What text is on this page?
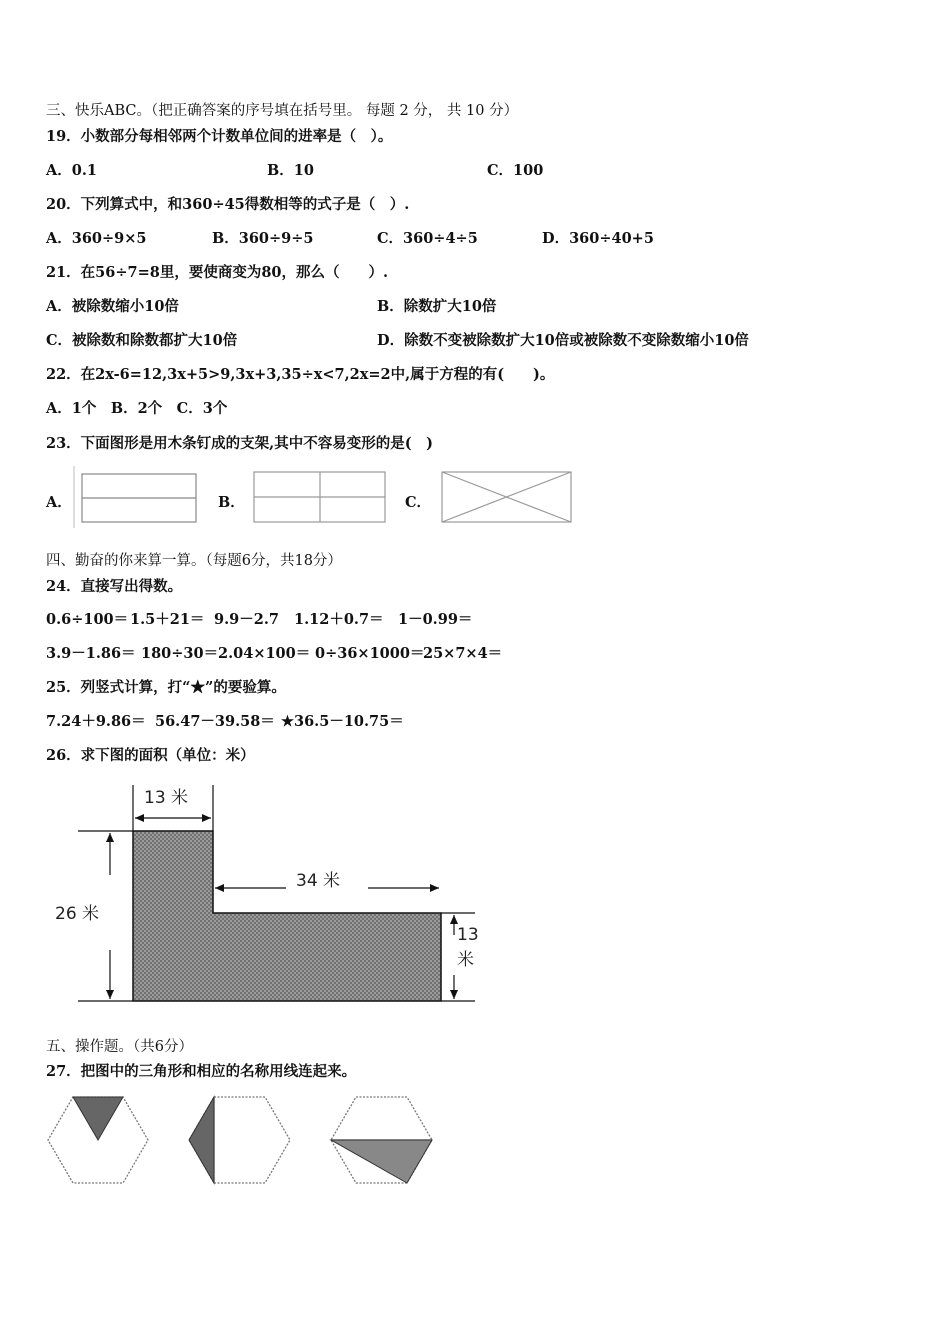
三、快乐ABC。（把正确答案的序号填在括号里。 每题 2 分， 共 10 分）
19．小数部分每相邻两个计数单位间的进率是（　）。
A．0.1	B．10	C．100
20．下列算式中，和360÷45得数相等的式子是（　）.
A．360÷9×5	B．360÷9÷5	C．360÷4÷5	D．360÷40+5
21．在56÷7=8里，要使商变为80，那么（　　）.
A．被除数缩小10倍	B．除数扩大10倍
C．被除数和除数都扩大10倍	D．除数不变被除数扩大10倍或被除数不变除数缩小10倍
22．在2x-6=12,3x+5>9,3x+3,35÷x<7,2x=2中,属于方程的有(　　)。
A．1个　B．2个　C．3个
23．下面图形是用木条钉成的支架,其中不容易变形的是(　)
A．	B．	C．
四、勤奋的你来算一算。（每题6分，共18分）
24．直接写出得数。
0.6÷100＝ 1.5＋21＝ 9.9－2.7 1.12＋0.7＝ 1－0.99＝
3.9－1.86＝ 180÷30＝ 2.04×100＝ 0÷36×1000＝
25×7×4＝
25．列竖式计算，打“★”的要验算。
7.24＋9.86＝ 56.47－39.58＝ ★36.5－10.75＝
26．求下图的面积（单位：米）
13 米
34 米
26 米
13
米
五、操作题。（共6分）
27．把图中的三角形和相应的名称用线连起来。
